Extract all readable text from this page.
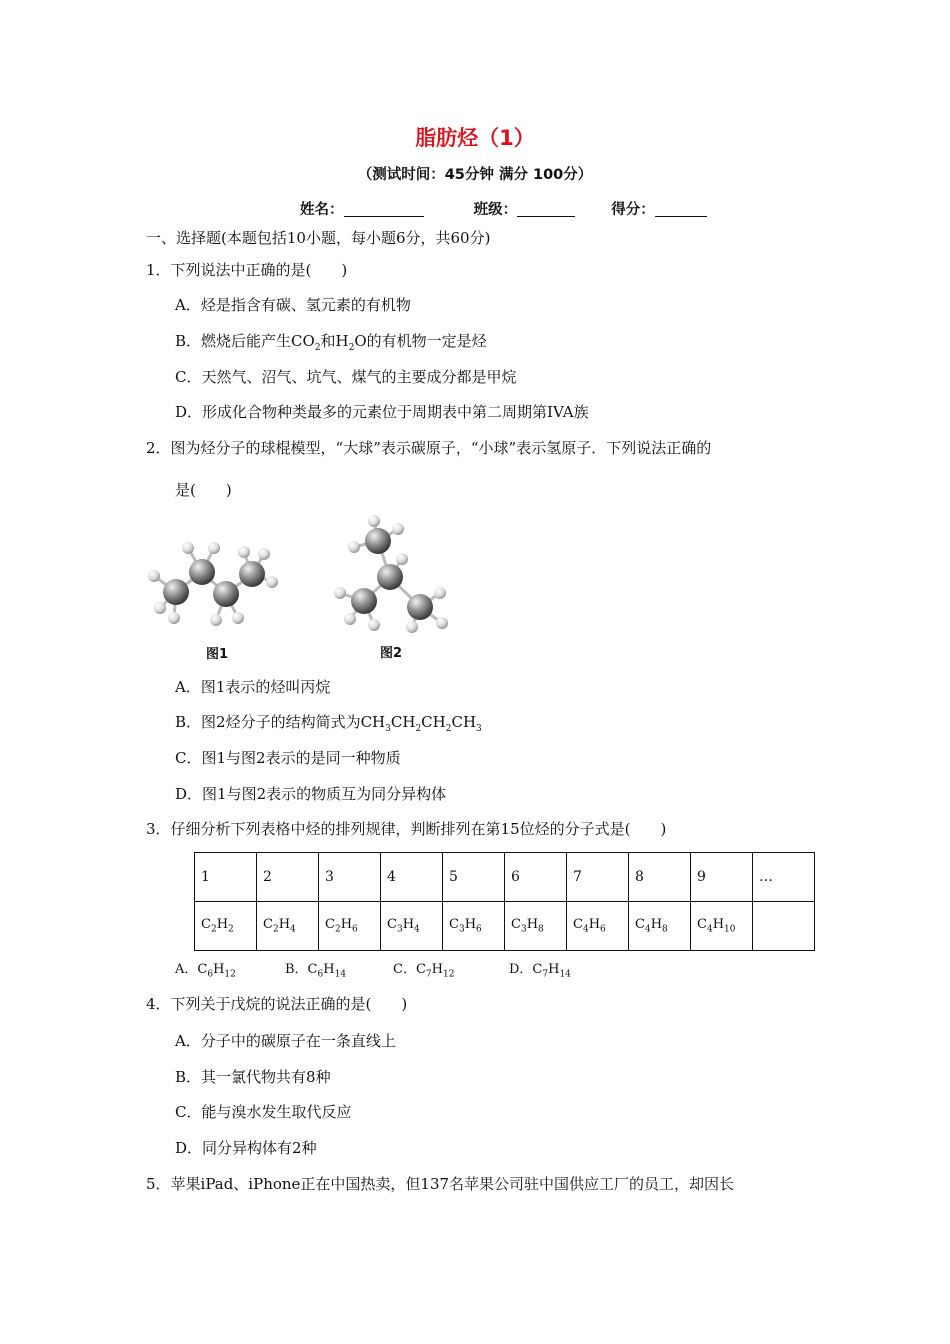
脂肪烃（1）
（测试时间：45分钟 满分 100分）
姓名：	班级：	得分：
一、选择题(本题包括10小题，每小题6分，共60分)
1．下列说法中正确的是(　　)
A．烃是指含有碳、氢元素的有机物
B．燃烧后能产生$CO_2$和$H_2O$的有机物一定是烃
C．天然气、沼气、坑气、煤气的主要成分都是甲烷
D．形成化合物种类最多的元素位于周期表中第二周期第IVA族
2．图为烃分子的球棍模型，“大球”表示碳原子，“小球”表示氢原子．下列说法正确的
是(　　)
图1	图2
A．图1表示的烃叫丙烷
B．图2烃分子的结构简式为$CH_3CH_2CH_2CH_3$
C．图1与图2表示的是同一种物质
D．图1与图2表示的物质互为同分异构体
3．仔细分析下列表格中烃的排列规律，判断排列在第15位烃的分子式是(　　)
1	2	3	4	5	6	7	8	9	…
$C_2H_2$	$C_2H_4$	$C_2H_6$	$C_3H_4$	$C_3H_6$	$C_3H_8$	$C_4H_6$	$C_4H_8$	$C_4H_{10}$	
A．$C_6H_{12}$	B．$C_6H_{14}$	C．$C_7H_{12}$	D．$C_7H_{14}$
4．下列关于戊烷的说法正确的是(　　)
A．分子中的碳原子在一条直线上
B．其一氯代物共有8种
C．能与溴水发生取代反应
D．同分异构体有2种
5．苹果iPad、iPhone正在中国热卖，但137名苹果公司驻中国供应工厂的员工，却因长
